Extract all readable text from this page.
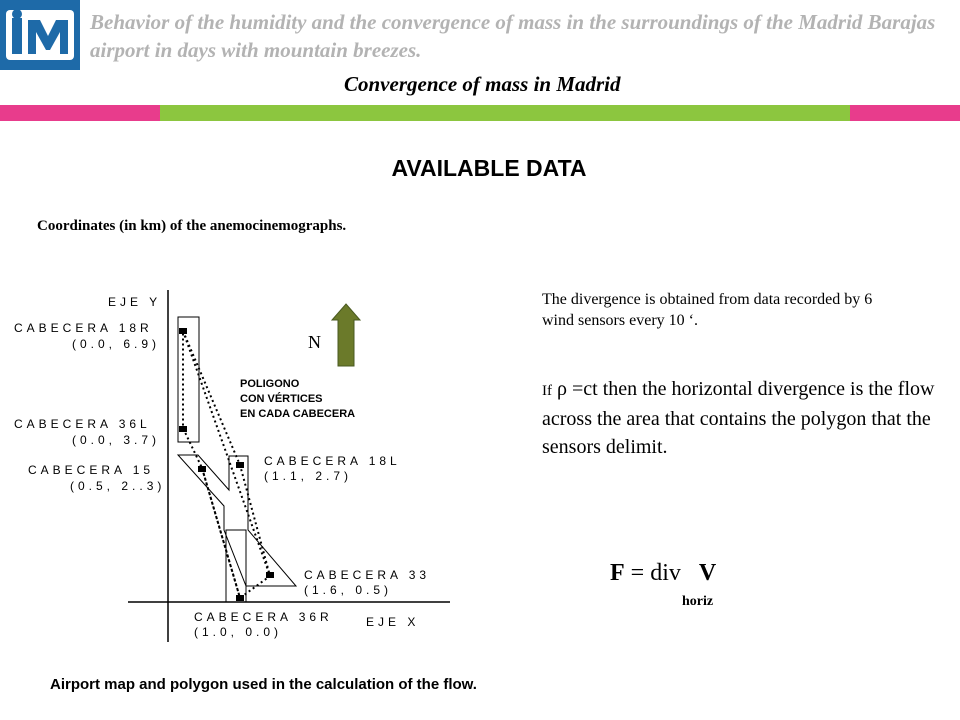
Behavior of the humidity and the convergence of mass in the surroundings of the Madrid Barajas airport in days with mountain breezes.
Convergence of mass in Madrid
AVAILABLE DATA
Coordinates (in km) of the anemocinemographs.
N
EJE Y
EJE X
POLIGONO
CON VÉRTICES
EN CADA CABECERA
CABECERA 18R
(0.0, 6.9)
CABECERA 36L
(0.0, 3.7)
CABECERA 15
(0.5, 2..3)
CABECERA 18L
(1.1, 2.7)
CABECERA 33
(1.6, 0.5)
CABECERA 36R
(1.0, 0.0)
The divergence is obtained from data recorded by 6 wind sensors every 10 ‘.
If ρ =ct then the horizontal divergence is the flow across the area that contains the polygon that the sensors delimit.
F = div V
horiz
Airport map and polygon used in the calculation of the flow.
